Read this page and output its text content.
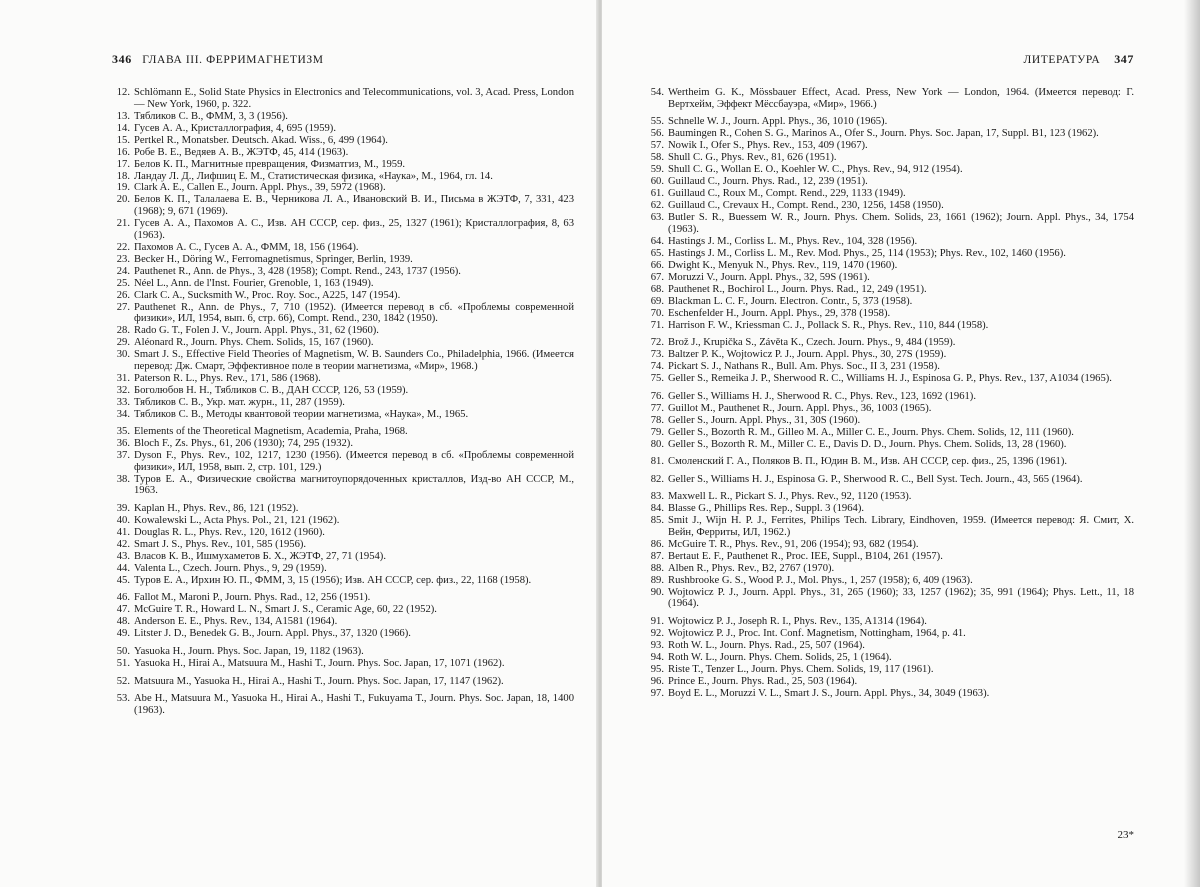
346 ГЛАВА III. ФЕРРИМАГНЕТИЗМ
12. Schlömann E., Solid State Physics in Electronics and Telecommunications, vol. 3, Acad. Press, London — New York, 1960, p. 322.
13. Тябликов С. В., ФММ, 3, 3 (1956).
14. Гусев А. А., Кристаллография, 4, 695 (1959).
15. Pertkel R., Monatsber. Deutsch. Akad. Wiss., 6, 499 (1964).
16. Робе В. Е., Ведяев А. В., ЖЭТФ, 45, 414 (1963).
17. Белов К. П., Магнитные превращения, Физматгиз, М., 1959.
18. Ландау Л. Д., Лифшиц Е. М., Статистическая физика, «Наука», М., 1964, гл. 14.
19. Clark A. E., Callen E., Journ. Appl. Phys., 39, 5972 (1968).
20. Белов К. П., Талалаева Е. В., Черникова Л. А., Ивановский В. И., Письма в ЖЭТФ, 7, 331, 423 (1968); 9, 671 (1969).
21. Гусев А. А., Пахомов А. С., Изв. АН СССР, сер. физ., 25, 1327 (1961); Кристаллография, 8, 63 (1963).
22. Пахомов А. С., Гусев А. А., ФММ, 18, 156 (1964).
23. Becker H., Döring W., Ferromagnetismus, Springer, Berlin, 1939.
24. Pauthenet R., Ann. de Phys., 3, 428 (1958); Compt. Rend., 243, 1737 (1956).
25. Néel L., Ann. de l'Inst. Fourier, Grenoble, 1, 163 (1949).
26. Clark C. A., Sucksmith W., Proc. Roy. Soc., A225, 147 (1954).
27. Pauthenet R., Ann. de Phys., 7, 710 (1952). (Имеется перевод в сб. «Проблемы современной физики», ИЛ, 1954, вып. 6, стр. 66), Compt. Rend., 230, 1842 (1950).
28. Rado G. T., Folen J. V., Journ. Appl. Phys., 31, 62 (1960).
29. Aléonard R., Journ. Phys. Chem. Solids, 15, 167 (1960).
30. Smart J. S., Effective Field Theories of Magnetism, W. B. Saunders Co., Philadelphia, 1966. (Имеется перевод: Дж. Смарт, Эффективное поле в теории магнетизма, «Мир», 1968.)
31. Paterson R. L., Phys. Rev., 171, 586 (1968).
32. Боголюбов Н. Н., Тябликов С. В., ДАН СССР, 126, 53 (1959).
33. Тябликов С. В., Укр. мат. журн., 11, 287 (1959).
34. Тябликов С. В., Методы квантовой теории магнетизма, «Наука», М., 1965.
35. Elements of the Theoretical Magnetism, Academia, Praha, 1968.
36. Bloch F., Zs. Phys., 61, 206 (1930); 74, 295 (1932).
37. Dyson F., Phys. Rev., 102, 1217, 1230 (1956). (Имеется перевод в сб. «Проблемы современной физики», ИЛ, 1958, вып. 2, стр. 101, 129.)
38. Туров Е. А., Физические свойства магнитоупорядоченных кристаллов, Изд-во АН СССР, М., 1963.
39. Kaplan H., Phys. Rev., 86, 121 (1952).
40. Kowalewski L., Acta Phys. Pol., 21, 121 (1962).
41. Douglas R. L., Phys. Rev., 120, 1612 (1960).
42. Smart J. S., Phys. Rev., 101, 585 (1956).
43. Власов К. В., Ишмухаметов Б. Х., ЖЭТФ, 27, 71 (1954).
44. Valenta L., Czech. Journ. Phys., 9, 29 (1959).
45. Туров Е. А., Ирхин Ю. П., ФММ, 3, 15 (1956); Изв. АН СССР, сер. физ., 22, 1168 (1958).
46. Fallot M., Maroni P., Journ. Phys. Rad., 12, 256 (1951).
47. McGuire T. R., Howard L. N., Smart J. S., Ceramic Age, 60, 22 (1952).
48. Anderson E. E., Phys. Rev., 134, A1581 (1964).
49. Litster J. D., Benedek G. B., Journ. Appl. Phys., 37, 1320 (1966).
50. Yasuoka H., Journ. Phys. Soc. Japan, 19, 1182 (1963).
51. Yasuoka H., Hirai A., Matsuura M., Hashi T., Journ. Phys. Soc. Japan, 17, 1071 (1962).
52. Matsuura M., Yasuoka H., Hirai A., Hashi T., Journ. Phys. Soc. Japan, 17, 1147 (1962).
53. Abe H., Matsuura M., Yasuoka H., Hirai A., Hashi T., Fukuyama T., Journ. Phys. Soc. Japan, 18, 1400 (1963).
ЛИТЕРАТУРА 347
54. Wertheim G. K., Mössbauer Effect, Acad. Press, New York — London, 1964. (Имеется перевод: Г. Вертхейм, Эффект Мёссбауэра, «Мир», 1966.)
55. Schnelle W. J., Journ. Appl. Phys., 36, 1010 (1965).
56. Baumingen R., Cohen S. G., Marinos A., Ofer S., Journ. Phys. Soc. Japan, 17, Suppl. B1, 123 (1962).
57. Nowik I., Ofer S., Phys. Rev., 153, 409 (1967).
58. Shull C. G., Phys. Rev., 81, 626 (1951).
59. Shull C. G., Wollan E. O., Koehler W. C., Phys. Rev., 94, 912 (1954).
60. Guillaud C., Journ. Phys. Rad., 12, 239 (1951).
61. Guillaud C., Roux M., Compt. Rend., 229, 1133 (1949).
62. Guillaud C., Crevaux H., Compt. Rend., 230, 1256, 1458 (1950).
63. Butler S. R., Buessem W. R., Journ. Phys. Chem. Solids, 23, 1661 (1962); Journ. Appl. Phys., 34, 1754 (1963).
64. Hastings J. M., Corliss L. M., Phys. Rev., 104, 328 (1956).
65. Hastings J. M., Corliss L. M., Rev. Mod. Phys., 25, 114 (1953); Phys. Rev., 102, 1460 (1956).
66. Dwight K., Menyuk N., Phys. Rev., 119, 1470 (1960).
67. Moruzzi V., Journ. Appl. Phys., 32, 59S (1961).
68. Pauthenet R., Bochirol L., Journ. Phys. Rad., 12, 249 (1951).
69. Blackman L. C. F., Journ. Electron. Contr., 5, 373 (1958).
70. Eschenfelder H., Journ. Appl. Phys., 29, 378 (1958).
71. Harrison F. W., Kriessman C. J., Pollack S. R., Phys. Rev., 110, 844 (1958).
72. Brož J., Krupička S., Závěta K., Czech. Journ. Phys., 9, 484 (1959).
73. Baltzer P. K., Wojtowicz P. J., Journ. Appl. Phys., 30, 27S (1959).
74. Pickart S. J., Nathans R., Bull. Am. Phys. Soc., II 3, 231 (1958).
75. Geller S., Remeika J. P., Sherwood R. C., Williams H. J., Espinosa G. P., Phys. Rev., 137, A1034 (1965).
76. Geller S., Williams H. J., Sherwood R. C., Phys. Rev., 123, 1692 (1961).
77. Guillot M., Pauthenet R., Journ. Appl. Phys., 36, 1003 (1965).
78. Geller S., Journ. Appl. Phys., 31, 30S (1960).
79. Geller S., Bozorth R. M., Gilleo M. A., Miller C. E., Journ. Phys. Chem. Solids, 12, 111 (1960).
80. Geller S., Bozorth R. M., Miller C. E., Davis D. D., Journ. Phys. Chem. Solids, 13, 28 (1960).
81. Смоленский Г. А., Поляков В. П., Юдин В. М., Изв. АН СССР, сер. физ., 25, 1396 (1961).
82. Geller S., Williams H. J., Espinosa G. P., Sherwood R. C., Bell Syst. Tech. Journ., 43, 565 (1964).
83. Maxwell L. R., Pickart S. J., Phys. Rev., 92, 1120 (1953).
84. Blasse G., Phillips Res. Rep., Suppl. 3 (1964).
85. Smit J., Wijn H. P. J., Ferrites, Philips Tech. Library, Eindhoven, 1959. (Имеется перевод: Я. Смит, Х. Вейн, Ферриты, ИЛ, 1962.)
86. McGuire T. R., Phys. Rev., 91, 206 (1954); 93, 682 (1954).
87. Bertaut E. F., Pauthenet R., Proc. IEE, Suppl., B104, 261 (1957).
88. Alben R., Phys. Rev., B2, 2767 (1970).
89. Rushbrooke G. S., Wood P. J., Mol. Phys., 1, 257 (1958); 6, 409 (1963).
90. Wojtowicz P. J., Journ. Appl. Phys., 31, 265 (1960); 33, 1257 (1962); 35, 991 (1964); Phys. Lett., 11, 18 (1964).
91. Wojtowicz P. J., Joseph R. I., Phys. Rev., 135, A1314 (1964).
92. Wojtowicz P. J., Proc. Int. Conf. Magnetism, Nottingham, 1964, p. 41.
93. Roth W. L., Journ. Phys. Rad., 25, 507 (1964).
94. Roth W. L., Journ. Phys. Chem. Solids, 25, 1 (1964).
95. Riste T., Tenzer L., Journ. Phys. Chem. Solids, 19, 117 (1961).
96. Prince E., Journ. Phys. Rad., 25, 503 (1964).
97. Boyd E. L., Moruzzi V. L., Smart J. S., Journ. Appl. Phys., 34, 3049 (1963).
23*
